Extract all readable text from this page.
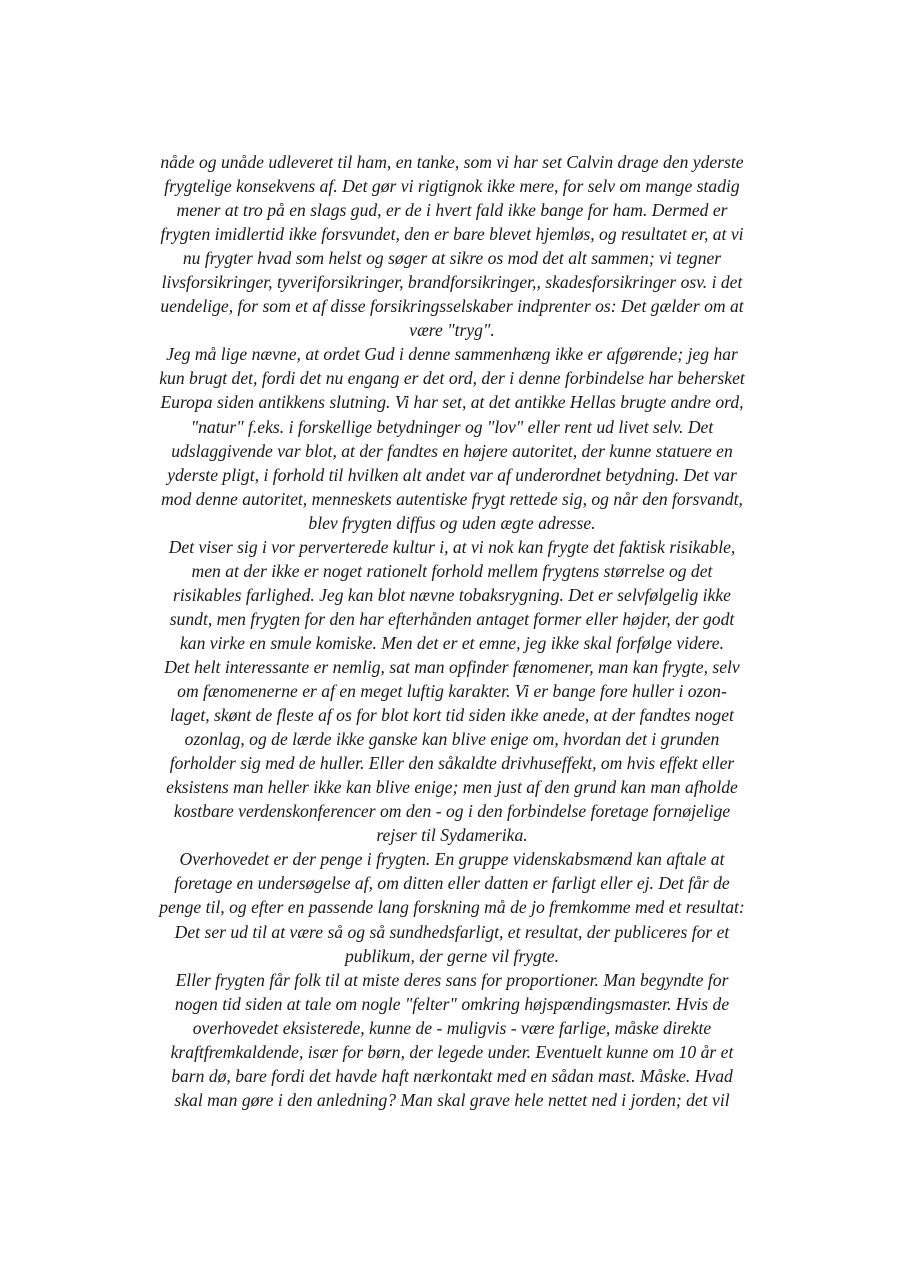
nåde og unåde udleveret til ham, en tanke, som vi har set Calvin drage den yderste
frygtelige konsekvens af. Det gør vi rigtignok ikke mere, for selv om mange stadig
mener at tro på en slags gud, er de i hvert fald ikke bange for ham. Dermed er
frygten imidlertid ikke forsvundet, den er bare blevet hjemløs, og resultatet er, at vi
nu frygter hvad som helst og søger at sikre os mod det alt sammen; vi tegner
livsforsikringer, tyveriforsikringer, brandforsikringer,, skadesforsikringer osv. i det
uendelige, for som et af disse forsikringsselskaber indprenter os: Det gælder om at
være "tryg".
Jeg må lige nævne, at ordet Gud i denne sammenhæng ikke er afgørende; jeg har
kun brugt det, fordi det nu engang er det ord, der i denne forbindelse har behersket
Europa siden antikkens slutning. Vi har set, at det antikke Hellas brugte andre ord,
"natur" f.eks. i forskellige betydninger og "lov" eller rent ud livet selv. Det
udslaggivende var blot, at der fandtes en højere autoritet, der kunne statuere en
yderste pligt, i forhold til hvilken alt andet var af underordnet betydning. Det var
mod denne autoritet, menneskets autentiske frygt rettede sig, og når den forsvandt,
blev frygten diffus og uden ægte adresse.
Det viser sig i vor perverterede kultur i, at vi nok kan frygte det faktisk risikable,
men at der ikke er noget rationelt forhold mellem frygtens størrelse og det
risikables farlighed. Jeg kan blot nævne tobaksrygning. Det er selvfølgelig ikke
sundt, men frygten for den har efterhånden antaget former eller højder, der godt
kan virke en smule komiske. Men det er et emne, jeg ikke skal forfølge videre.
Det helt interessante er nemlig, sat man opfinder fænomener, man kan frygte, selv
om fænomenerne er af en meget luftig karakter. Vi er bange fore huller i ozon-
laget, skønt de fleste af os for blot kort tid siden ikke anede, at der fandtes noget
ozonlag, og de lærde ikke ganske kan blive enige om, hvordan det i grunden
forholder sig med de huller. Eller den såkaldte drivhuseffekt, om hvis effekt eller
eksistens man heller ikke kan blive enige; men just af den grund kan man afholde
kostbare verdenskonferencer om den - og i den forbindelse foretage fornøjelige
rejser til Sydamerika.
Overhovedet er der penge i frygten. En gruppe videnskabsmænd kan aftale at
foretage en undersøgelse af, om ditten eller datten er farligt eller ej. Det får de
penge til, og efter en passende lang forskning må de jo fremkomme med et resultat:
Det ser ud til at være så og så sundhedsfarligt, et resultat, der publiceres for et
publikum, der gerne vil frygte.
Eller frygten får folk til at miste deres sans for proportioner. Man begyndte for
nogen tid siden at tale om nogle "felter" omkring højspændingsmaster. Hvis de
overhovedet eksisterede, kunne de - muligvis - være farlige, måske direkte
kraftfremkaldende, især for børn, der legede under. Eventuelt kunne om 10 år et
barn dø, bare fordi det havde haft nærkontakt med en sådan mast. Måske. Hvad
skal man gøre i den anledning? Man skal grave hele nettet ned i jorden; det vil
